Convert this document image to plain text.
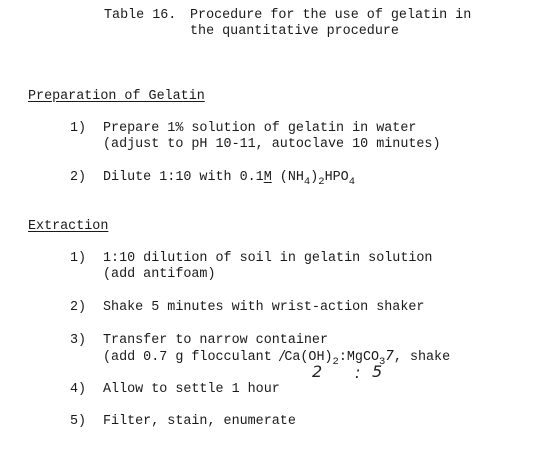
Table 16. Procedure for the use of gelatin in
the quantitative procedure
Preparation of Gelatin
1) Prepare 1% solution of gelatin in water
(adjust to pH 10-11, autoclave 10 minutes)
2) Dilute 1:10 with 0.1M $(NH_4)_2HPO_4$
Extraction
1) 1:10 dilution of soil in gelatin solution
(add antifoam)
2) Shake 5 minutes with wrist-action shaker
3) Transfer to narrow container
(add 0.7 g flocculant $/Ca(OH)_2:MgCO_37$, shake
2 : 5
4) Allow to settle 1 hour
5) Filter, stain, enumerate
